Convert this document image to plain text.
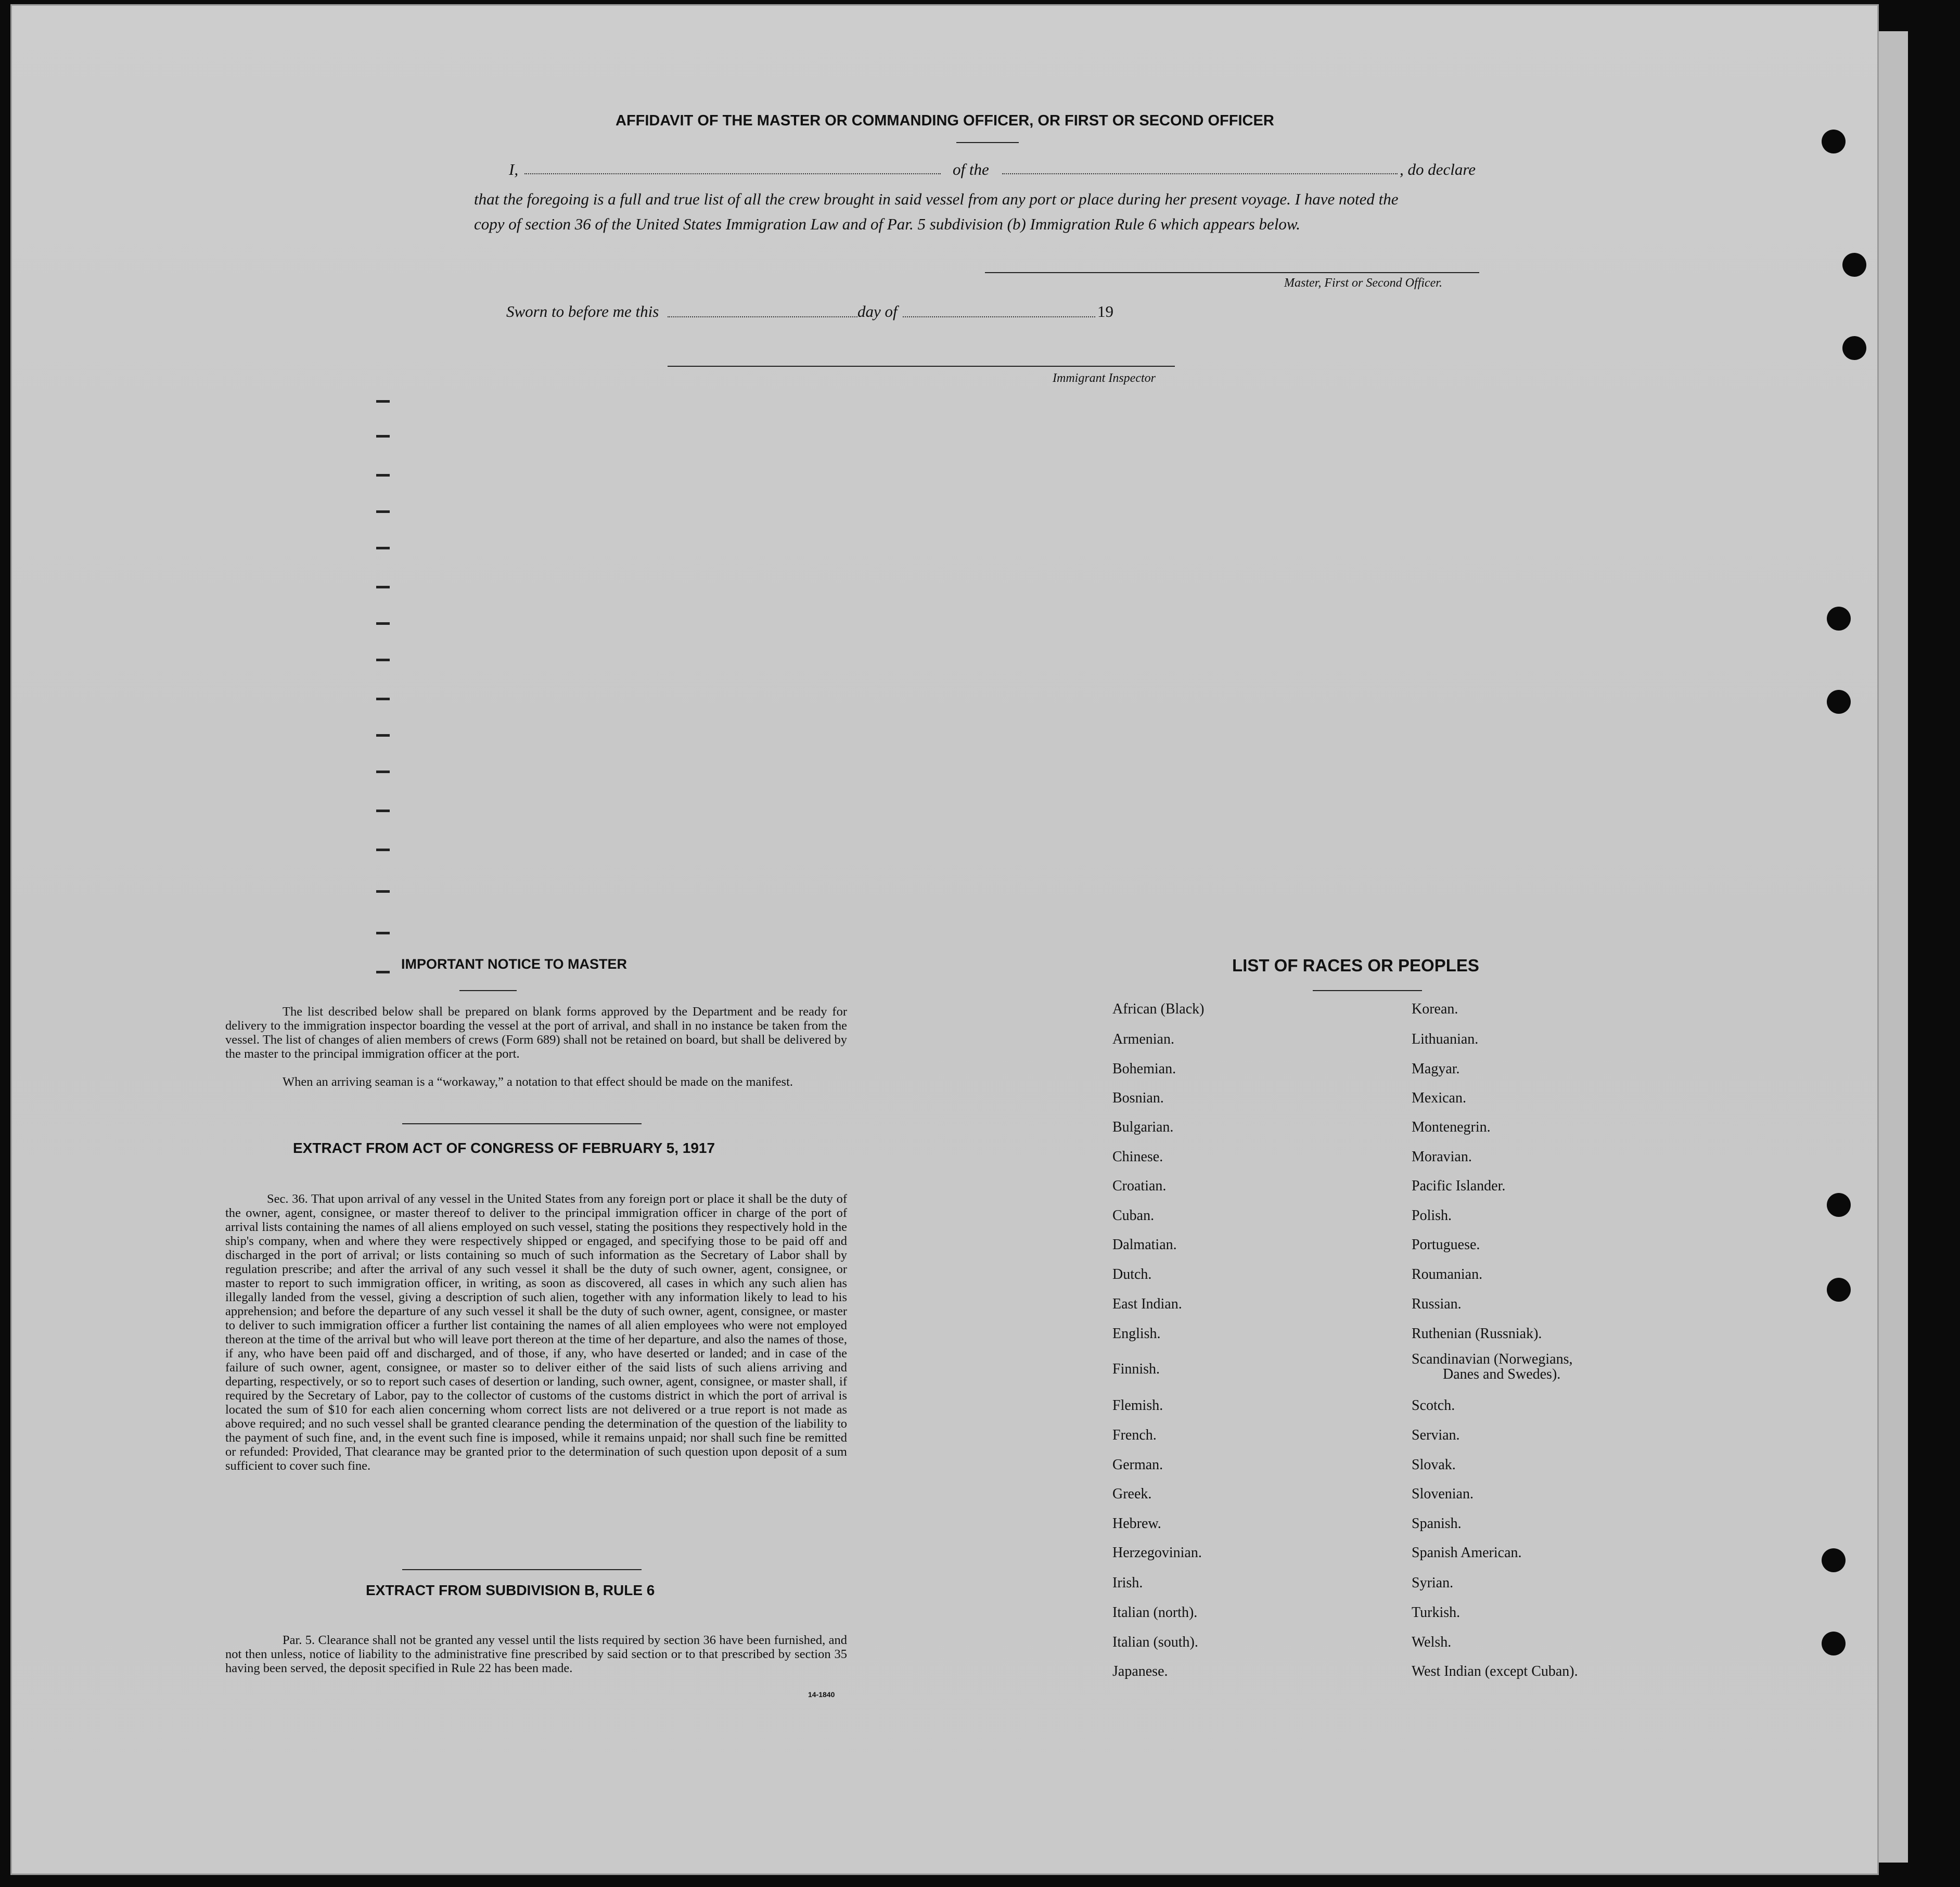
AFFIDAVIT OF THE MASTER OR COMMANDING OFFICER, OR FIRST OR SECOND OFFICER
I,	of the	, do declare
that the foregoing is a full and true list of all the crew brought in said vessel from any port or place during her present voyage. I have noted the
copy of section 36 of the United States Immigration Law and of Par. 5 subdivision (b) Immigration Rule 6 which appears below.
Master, First or Second Officer.
Sworn to before me this	day of	19
Immigrant Inspector
IMPORTANT NOTICE TO MASTER
The list described below shall be prepared on blank forms approved by the Department and be ready for delivery to the immigration inspector boarding the vessel at the port of arrival, and shall in no instance be taken from the vessel. The list of changes of alien members of crews (Form 689) shall not be retained on board, but shall be delivered by the master to the principal immigration officer at the port.
When an arriving seaman is a “workaway,” a notation to that effect should be made on the manifest.
EXTRACT FROM ACT OF CONGRESS OF FEBRUARY 5, 1917
Sec. 36. That upon arrival of any vessel in the United States from any foreign port or place it shall be the duty of the owner, agent, consignee, or master thereof to deliver to the principal immigration officer in charge of the port of arrival lists containing the names of all aliens employed on such vessel, stating the positions they respectively hold in the ship's company, when and where they were respectively shipped or engaged, and specifying those to be paid off and discharged in the port of arrival; or lists containing so much of such information as the Secretary of Labor shall by regulation prescribe; and after the arrival of any such vessel it shall be the duty of such owner, agent, consignee, or master to report to such immigration officer, in writing, as soon as discovered, all cases in which any such alien has illegally landed from the vessel, giving a description of such alien, together with any information likely to lead to his apprehension; and before the departure of any such vessel it shall be the duty of such owner, agent, consignee, or master to deliver to such immigration officer a further list containing the names of all alien employees who were not employed thereon at the time of the arrival but who will leave port thereon at the time of her departure, and also the names of those, if any, who have been paid off and discharged, and of those, if any, who have deserted or landed; and in case of the failure of such owner, agent, consignee, or master so to deliver either of the said lists of such aliens arriving and departing, respectively, or so to report such cases of desertion or landing, such owner, agent, consignee, or master shall, if required by the Secretary of Labor, pay to the collector of customs of the customs district in which the port of arrival is located the sum of $10 for each alien concerning whom correct lists are not delivered or a true report is not made as above required; and no such vessel shall be granted clearance pending the determination of the question of the liability to the payment of such fine, and, in the event such fine is imposed, while it remains unpaid; nor shall such fine be remitted or refunded: Provided, That clearance may be granted prior to the determination of such question upon deposit of a sum sufficient to cover such fine.
EXTRACT FROM SUBDIVISION B, RULE 6
Par. 5. Clearance shall not be granted any vessel until the lists required by section 36 have been furnished, and not then unless, notice of liability to the administrative fine prescribed by said section or to that prescribed by section 35 having been served, the deposit specified in Rule 22 has been made.
14-1840
LIST OF RACES OR PEOPLES
African (Black)
Armenian.
Bohemian.
Bosnian.
Bulgarian.
Chinese.
Croatian.
Cuban.
Dalmatian.
Dutch.
East Indian.
English.
Finnish.
Flemish.
French.
German.
Greek.
Hebrew.
Herzegovinian.
Irish.
Italian (north).
Italian (south).
Japanese.
Korean.
Lithuanian.
Magyar.
Mexican.
Montenegrin.
Moravian.
Pacific Islander.
Polish.
Portuguese.
Roumanian.
Russian.
Ruthenian (Russniak).
Scandinavian (Norwegians,
Danes and Swedes).
Scotch.
Servian.
Slovak.
Slovenian.
Spanish.
Spanish American.
Syrian.
Turkish.
Welsh.
West Indian (except Cuban).
